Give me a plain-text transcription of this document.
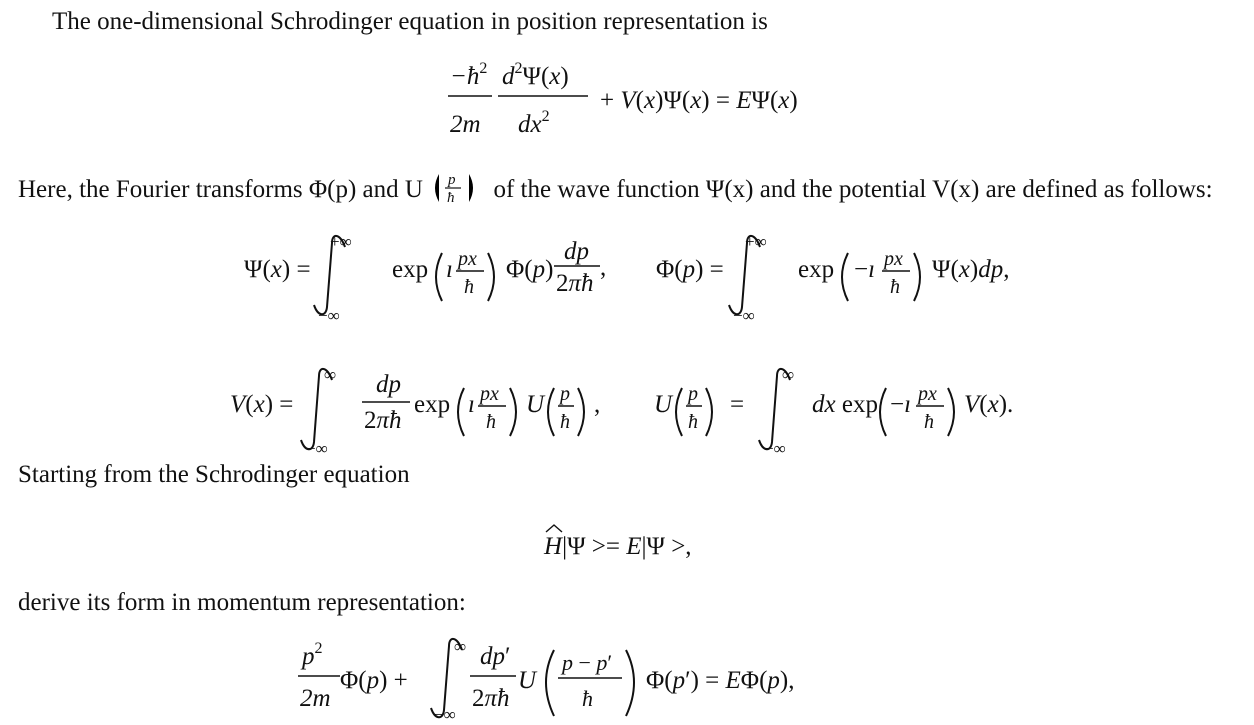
The one-dimensional Schrodinger equation in position representation is
$-ħ^2$
2m
$d^2\Psi(x)$
$dx^2$
+ V(x)Ψ(x) = EΨ(x)
Here, the Fourier transforms Φ(p) and U p
ħ of the wave function Ψ(x) and the potential V(x) are defined as follows:
Ψ(x) =
+∞
−∞
exp ı px
ħ
Φ(p)
dp
2πħ
, Φ(p) =
+∞
−∞
exp −ı px
ħ
Ψ(x)dp,
V(x) =
∞
−∞
dp
2πħ
exp ı px
ħ
U p
ħ
, U p
ħ
=
∞
−∞
dx exp −ı px
ħ
V(x).
Starting from the Schrodinger equation
H|Ψ >= E|Ψ >,
derive its form in momentum representation:
$p^2$
2m
Φ(p) +
∞
−∞
dp′
2πħ
U
p − p′
ħ
Φ(p′) = EΦ(p),
